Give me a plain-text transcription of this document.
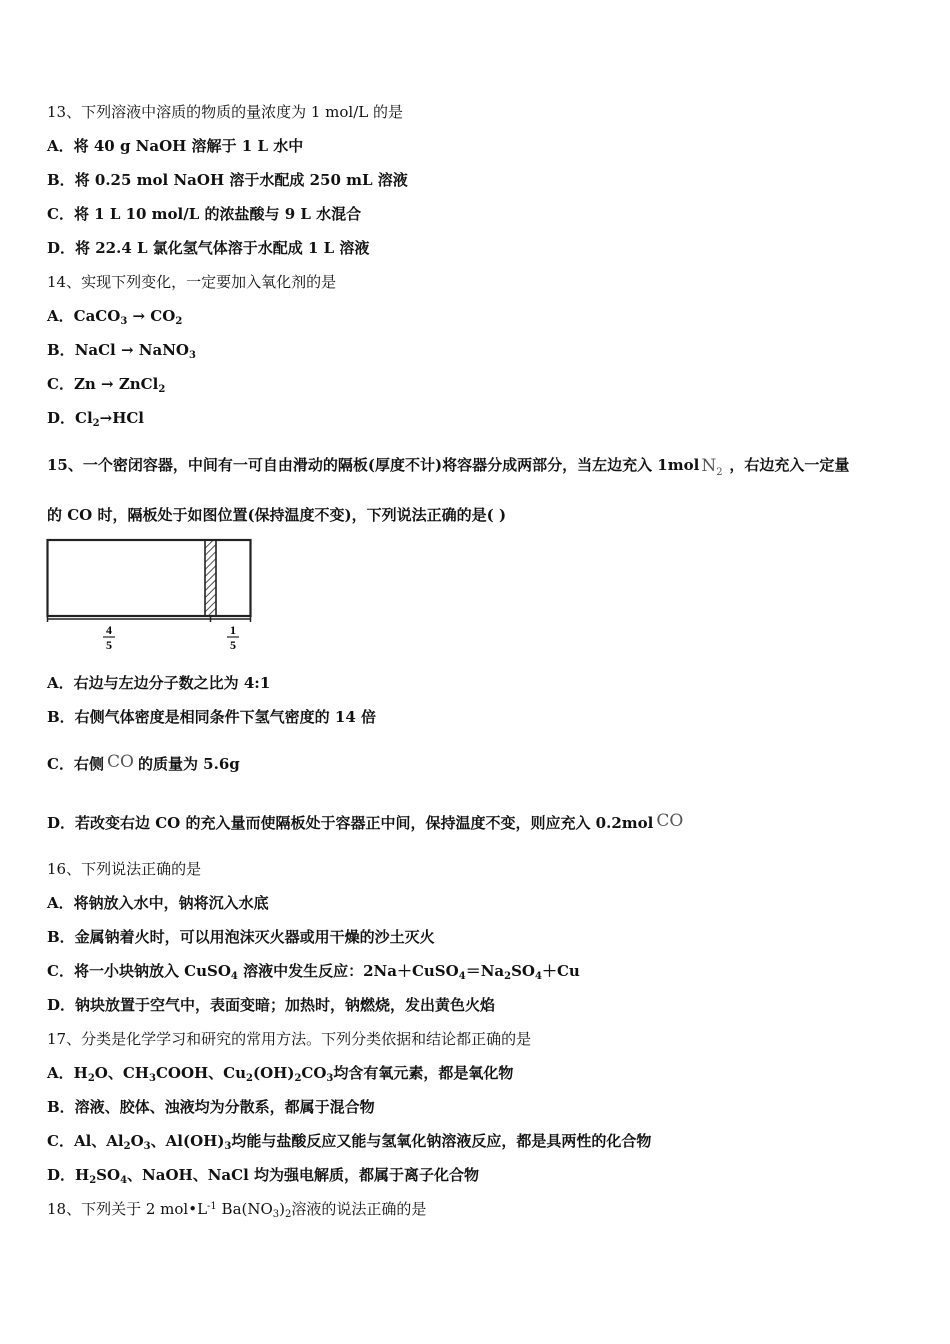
13、下列溶液中溶质的物质的量浓度为 1 mol/L 的是
A．将 40 g NaOH 溶解于 1 L 水中
B．将 0.25 mol NaOH 溶于水配成 250 mL 溶液
C．将 1 L 10 mol/L 的浓盐酸与 9 L 水混合
D．将 22.4 L 氯化氢气体溶于水配成 1 L 溶液
14、实现下列变化，一定要加入氧化剂的是
A．CaCO$_3$ → $CO_2$
B．NaCl → NaNO$_3$
C．Zn → ZnCl$_2$
D．$Cl_2\to HCl$
15、一个密闭容器，中间有一可自由滑动的隔板(厚度不计)将容器分成两部分，当左边充入 1mol $N_2$ ，右边充入一定量
的 CO 时，隔板处于如图位置(保持温度不变)，下列说法正确的是( )
4
5
1
5
A．右边与左边分子数之比为 4:1
B．右侧气体密度是相同条件下氢气密度的 14 倍
C．右侧 CO 的质量为 5.6g
D．若改变右边 CO 的充入量而使隔板处于容器正中间，保持温度不变，则应充入 0.2mol CO
16、下列说法正确的是
A．将钠放入水中，钠将沉入水底
B．金属钠着火时，可以用泡沫灭火器或用干燥的沙土灭火
C．将一小块钠放入 CuSO$_4$ 溶液中发生反应：$2Na+CuSO_4=Na_2SO_4+Cu$
D．钠块放置于空气中，表面变暗；加热时，钠燃烧，发出黄色火焰
17、分类是化学学习和研究的常用方法。下列分类依据和结论都正确的是
A．$H_2O$、$CH_3COOH$、$Cu_2(OH)_2CO_3$均含有氧元素，都是氧化物
B．溶液、胶体、浊液均为分散系，都属于混合物
C．Al、$Al_2O_3$、$Al(OH)_3$均能与盐酸反应又能与氢氧化钠溶液反应，都是具两性的化合物
D．$H_2SO_4$、NaOH、NaCl 均为强电解质，都属于离子化合物
18、下列关于 2 $mol•L^{-1}$ $Ba(NO_3)_2$溶液的说法正确的是
